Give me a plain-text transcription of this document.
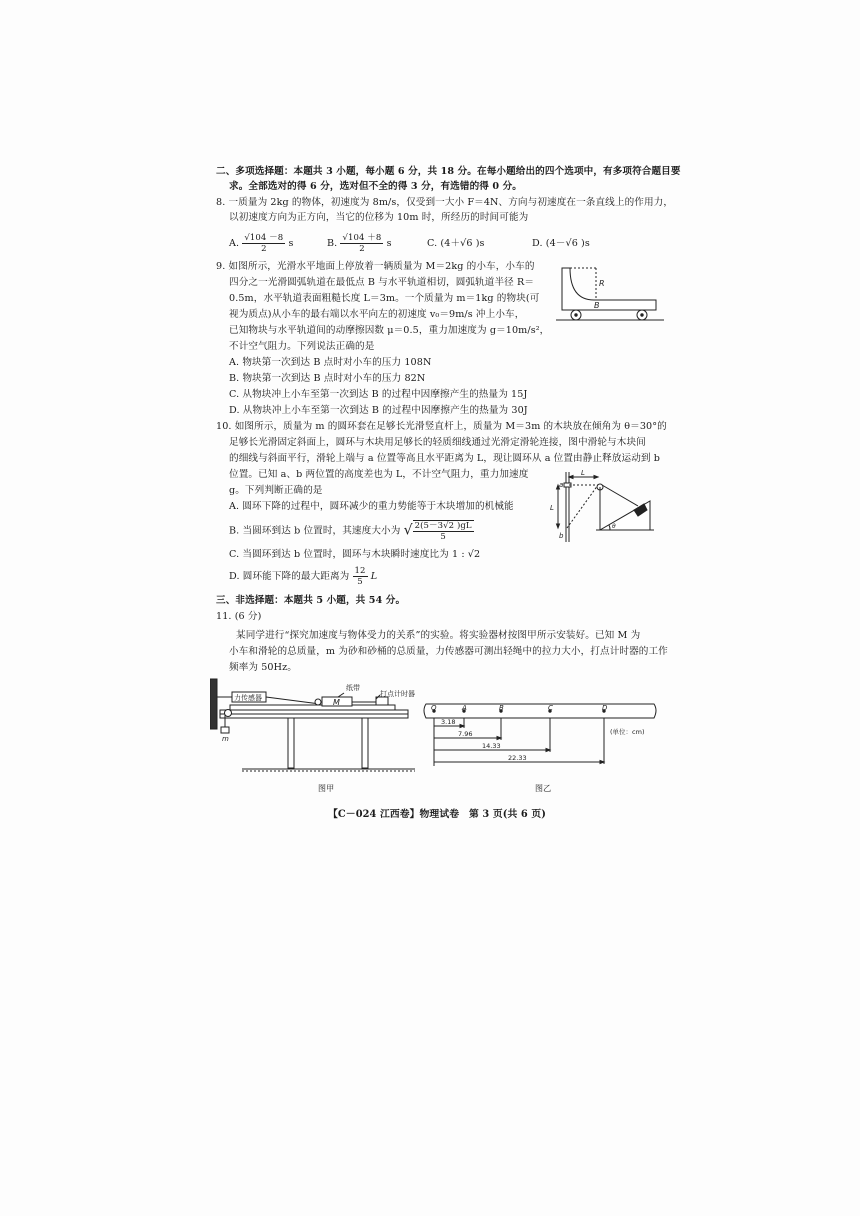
二、多项选择题：本题共 3 小题，每小题 6 分，共 18 分。在每小题给出的四个选项中，有多项符合题目要
求。全部选对的得 6 分，选对但不全的得 3 分，有选错的得 0 分。
8. 一质量为 2kg 的物体，初速度为 8m/s，仅受到一大小 F＝4N、方向与初速度在一条直线上的作用力，
以初速度方向为正方向，当它的位移为 10m 时，所经历的时间可能为
A. $\frac{√104 -8}{2}$ s	B. $\frac{√104 +8}{2}$ s	C. (4＋√6 )s	D. (4－√6 )s
9. 如图所示，光滑水平地面上停放着一辆质量为 M＝2kg 的小车，小车的
四分之一光滑圆弧轨道在最低点 B 与水平轨道相切，圆弧轨道半径 R＝
0.5m，水平轨道表面粗糙长度 L＝3m。一个质量为 m＝1kg 的物块(可
视为质点)从小车的最右端以水平向左的初速度 v₀＝9m/s 冲上小车，
已知物块与水平轨道间的动摩擦因数 μ＝0.5，重力加速度为 g＝10m/s²，
不计空气阻力。下列说法正确的是
A. 物块第一次到达 B 点时对小车的压力 108N
B. 物块第一次到达 B 点时对小车的压力 82N
C. 从物块冲上小车至第一次到达 B 的过程中因摩擦产生的热量为 15J
D. 从物块冲上小车至第一次到达 B 的过程中因摩擦产生的热量为 30J
R
B
10. 如图所示，质量为 m 的圆环套在足够长光滑竖直杆上，质量为 M＝3m 的木块放在倾角为 θ＝30°的
足够长光滑固定斜面上，圆环与木块用足够长的轻质细线通过光滑定滑轮连接，图中滑轮与木块间
的细线与斜面平行，滑轮上端与 a 位置等高且水平距离为 L，现让圆环从 a 位置由静止释放运动到 b
位置。已知 a、b 两位置的高度差也为 L，不计空气阻力，重力加速度
g。下列判断正确的是
A. 圆环下降的过程中，圆环减少的重力势能等于木块增加的机械能
B. 当圆环到达 b 位置时，其速度大小为 √ $\frac{2(5-3√2 )gL}{5}$
C. 当圆环到达 b 位置时，圆环与木块瞬时速度比为 1 : √2
D. 圆环能下降的最大距离为 $\frac{12}{5}$ L
a
b
L
L
θ
三、非选择题：本题共 5 小题，共 54 分。
11. (6 分)
某同学进行“探究加速度与物体受力的关系”的实验。将实验器材按图甲所示安装好。已知 M 为
小车和滑轮的总质量，m 为砂和砂桶的总质量，力传感器可测出轻绳中的拉力大小，打点计时器的工作
频率为 50Hz。
力传感器	M
m
纸带
打点计时器
图甲
O	A	B	C	D
3.18
7.96
14.33
22.33
(单位：cm)
图乙
【C－024 江西卷】物理试卷　第 3 页(共 6 页)
